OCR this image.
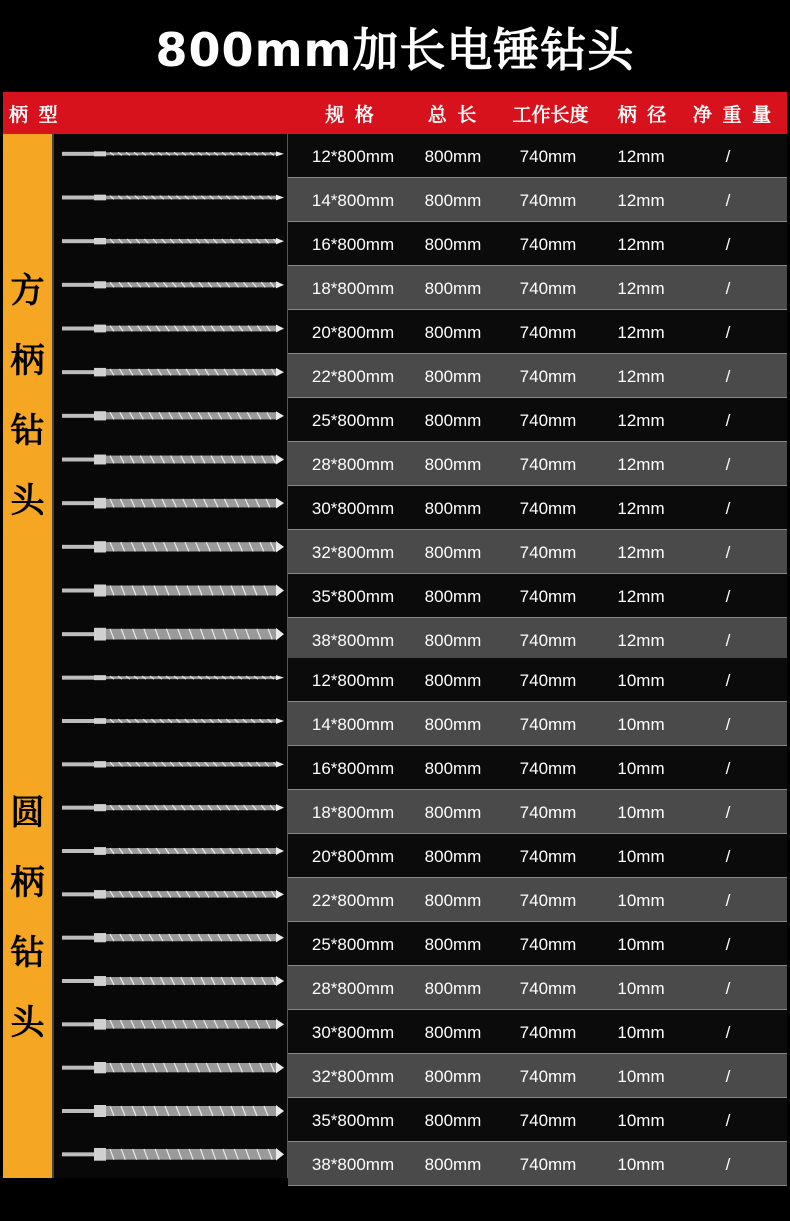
800mm加长电锤钻头
柄 型	规 格	总 长	工作长度	柄 径	净 重 量
方
柄
钻
头
12*800mm	800mm	740mm	12mm	/
14*800mm	800mm	740mm	12mm	/
16*800mm	800mm	740mm	12mm	/
18*800mm	800mm	740mm	12mm	/
20*800mm	800mm	740mm	12mm	/
22*800mm	800mm	740mm	12mm	/
25*800mm	800mm	740mm	12mm	/
28*800mm	800mm	740mm	12mm	/
30*800mm	800mm	740mm	12mm	/
32*800mm	800mm	740mm	12mm	/
35*800mm	800mm	740mm	12mm	/
38*800mm	800mm	740mm	12mm	/
圆
柄
钻
头
12*800mm	800mm	740mm	10mm	/
14*800mm	800mm	740mm	10mm	/
16*800mm	800mm	740mm	10mm	/
18*800mm	800mm	740mm	10mm	/
20*800mm	800mm	740mm	10mm	/
22*800mm	800mm	740mm	10mm	/
25*800mm	800mm	740mm	10mm	/
28*800mm	800mm	740mm	10mm	/
30*800mm	800mm	740mm	10mm	/
32*800mm	800mm	740mm	10mm	/
35*800mm	800mm	740mm	10mm	/
38*800mm	800mm	740mm	10mm	/
